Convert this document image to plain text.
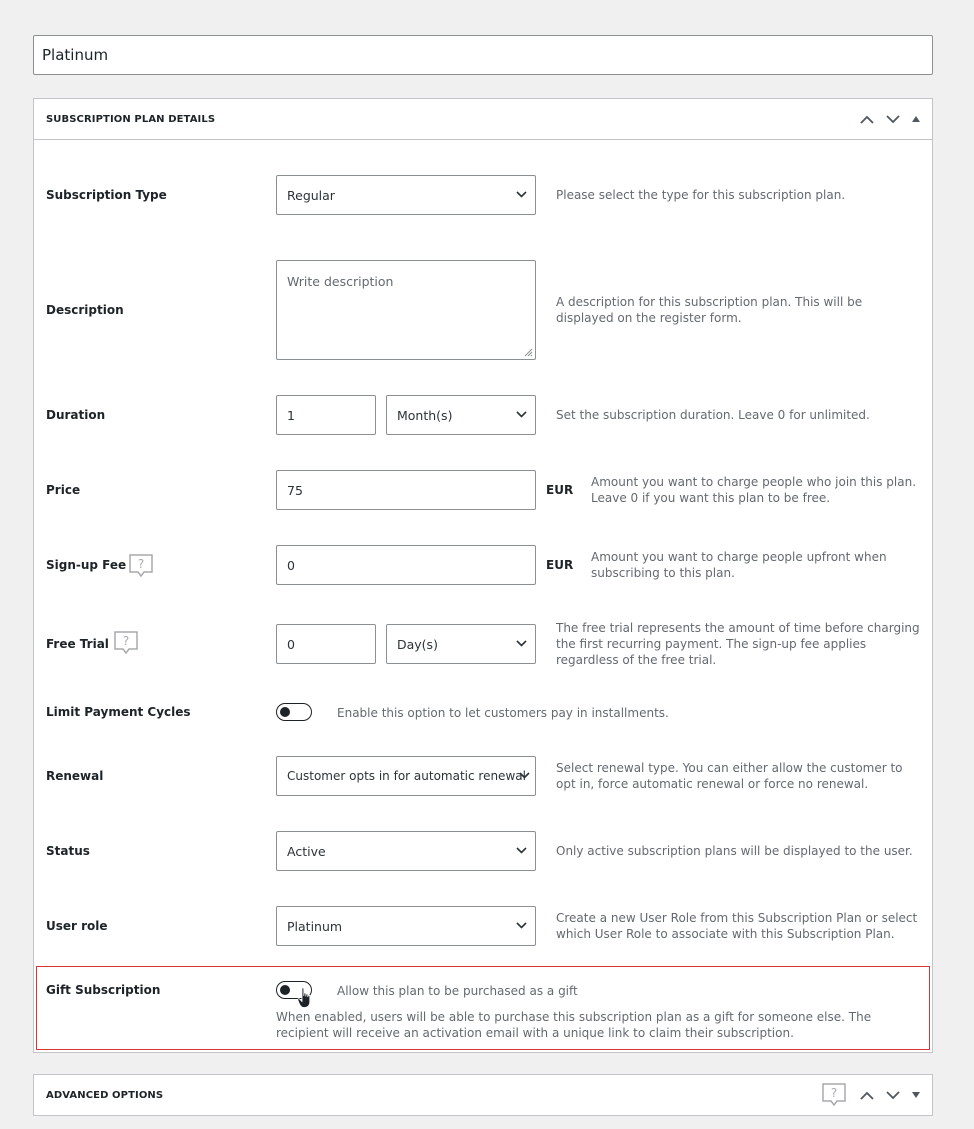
Platinum
SUBSCRIPTION PLAN DETAILS
Subscription Type	Regular	Please select the type for this subscription plan.
Description
Write description
A description for this subscription plan. This will be displayed on the register form.
Duration	1	Month(s)	Set the subscription duration. Leave 0 for unlimited.
Price	75	EUR
Amount you want to charge people who join this plan. Leave 0 if you want this plan to be free.
Sign-up Fee ?	0	EUR
Amount you want to charge people upfront when subscribing to this plan.
Free Trial ?	0	Day(s)
The free trial represents the amount of time before charging the first recurring payment. The sign-up fee applies regardless of the free trial.
Limit Payment Cycles	Enable this option to let customers pay in installments.
Renewal	Customer opts in for automatic renewal
Select renewal type. You can either allow the customer to opt in, force automatic renewal or force no renewal.
Status	Active	Only active subscription plans will be displayed to the user.
User role	Platinum
Create a new User Role from this Subscription Plan or select which User Role to associate with this Subscription Plan.
Gift Subscription	Allow this plan to be purchased as a gift
When enabled, users will be able to purchase this subscription plan as a gift for someone else. The recipient will receive an activation email with a unique link to claim their subscription.
ADVANCED OPTIONS	?
